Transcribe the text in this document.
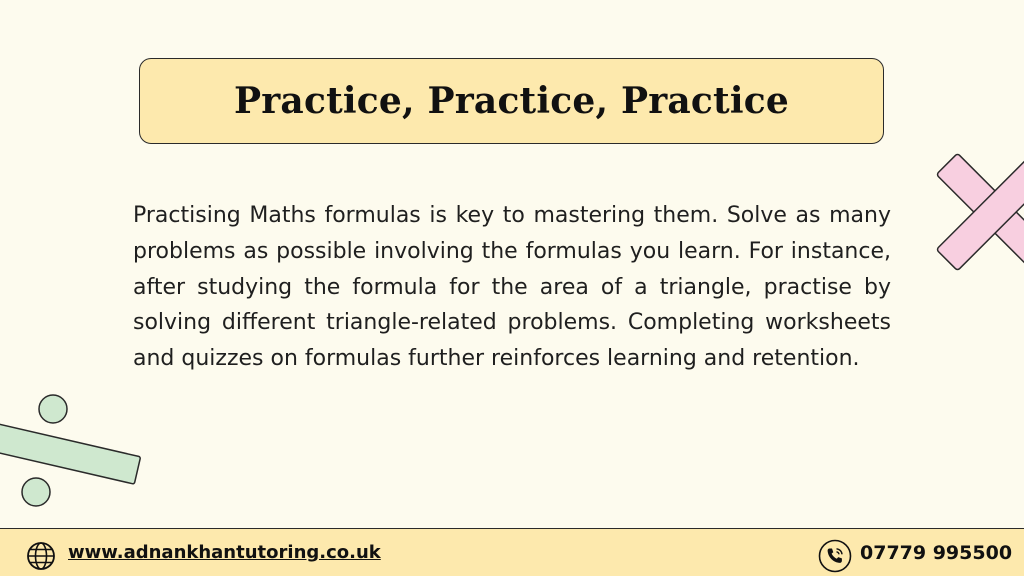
Practice, Practice, Practice

Practising Maths formulas is key to mastering them. Solve as many problems as possible involving the formulas you learn. For instance, after studying the formula for the area of a triangle, practise by solving different triangle-related problems. Completing worksheets and quizzes on formulas further reinforces learning and retention.

www.adnankhantutoring.co.uk	07779 995500
